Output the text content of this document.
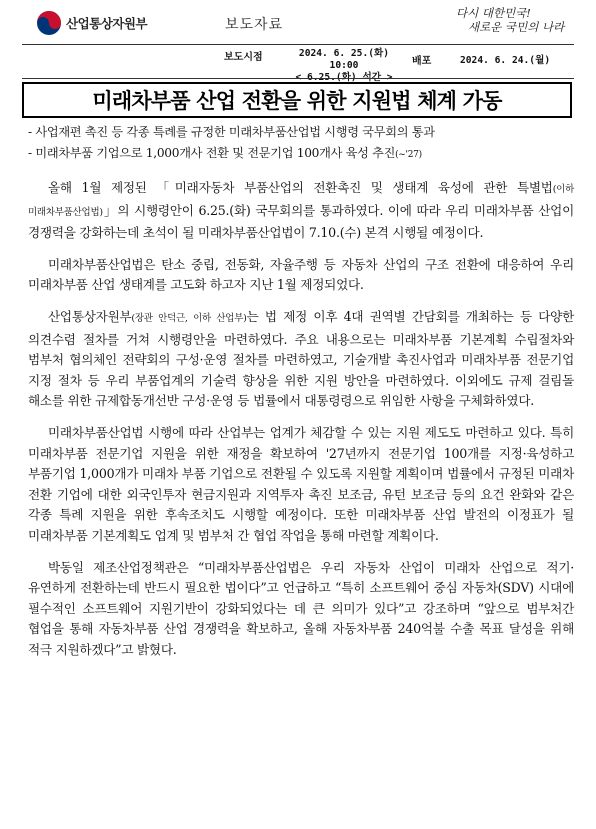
산업통상자원부	보도자료
다시 대한민국!
새로운 국민의 나라
보도시점	2024. 6. 25.(화) 10:00
< 6.25.(화) 석간 >
배포	2024. 6. 24.(월)
미래차부품 산업 전환을 위한 지원법 체계 가동
- 사업재편 촉진 등 각종 특례를 규정한 미래차부품산업법 시행령 국무회의 통과
- 미래차부품 기업으로 1,000개사 전환 및 전문기업 100개사 육성 추진(~'27)

올해 1월 제정된 「미래자동차 부품산업의 전환촉진 및 생태계 육성에 관한 특별법(이하 미래차부품산업법)」의 시행령안이 6.25.(화) 국무회의를 통과하였다. 이에 따라 우리 미래차부품 산업이 경쟁력을 강화하는데 초석이 될 미래차부품산업법이 7.10.(수) 본격 시행될 예정이다.

미래차부품산업법은 탄소 중립, 전동화, 자율주행 등 자동차 산업의 구조 전환에 대응하여 우리 미래차부품 산업 생태계를 고도화 하고자 지난 1월 제정되었다.

산업통상자원부(장관 안덕근, 이하 산업부)는 법 제정 이후 4대 권역별 간담회를 개최하는 등 다양한 의견수렴 절차를 거쳐 시행령안을 마련하였다. 주요 내용으로는 미래차부품 기본계획 수립절차와 범부처 협의체인 전략회의 구성·운영 절차를 마련하였고, 기술개발 촉진사업과 미래차부품 전문기업 지정 절차 등 우리 부품업계의 기술력 향상을 위한 지원 방안을 마련하였다. 이외에도 규제 걸림돌 해소를 위한 규제합동개선반 구성·운영 등 법률에서 대통령령으로 위임한 사항을 구체화하였다.

미래차부품산업법 시행에 따라 산업부는 업계가 체감할 수 있는 지원 제도도 마련하고 있다. 특히 미래차부품 전문기업 지원을 위한 재정을 확보하여 '27년까지 전문기업 100개를 지정·육성하고 부품기업 1,000개가 미래차 부품 기업으로 전환될 수 있도록 지원할 계획이며 법률에서 규정된 미래차 전환 기업에 대한 외국인투자 현금지원과 지역투자 촉진 보조금, 유턴 보조금 등의 요건 완화와 같은 각종 특례 지원을 위한 후속조치도 시행할 예정이다. 또한 미래차부품 산업 발전의 이정표가 될 미래차부품 기본계획도 업계 및 범부처 간 협업 작업을 통해 마련할 계획이다.

박동일 제조산업정책관은 “미래차부품산업법은 우리 자동차 산업이 미래차 산업으로 적기·유연하게 전환하는데 반드시 필요한 법이다”고 언급하고 “특히 소프트웨어 중심 자동차(SDV) 시대에 필수적인 소프트웨어 지원기반이 강화되었다는 데 큰 의미가 있다”고 강조하며 “앞으로 범부처간 협업을 통해 자동차부품 산업 경쟁력을 확보하고, 올해 자동차부품 240억불 수출 목표 달성을 위해 적극 지원하겠다”고 밝혔다.
